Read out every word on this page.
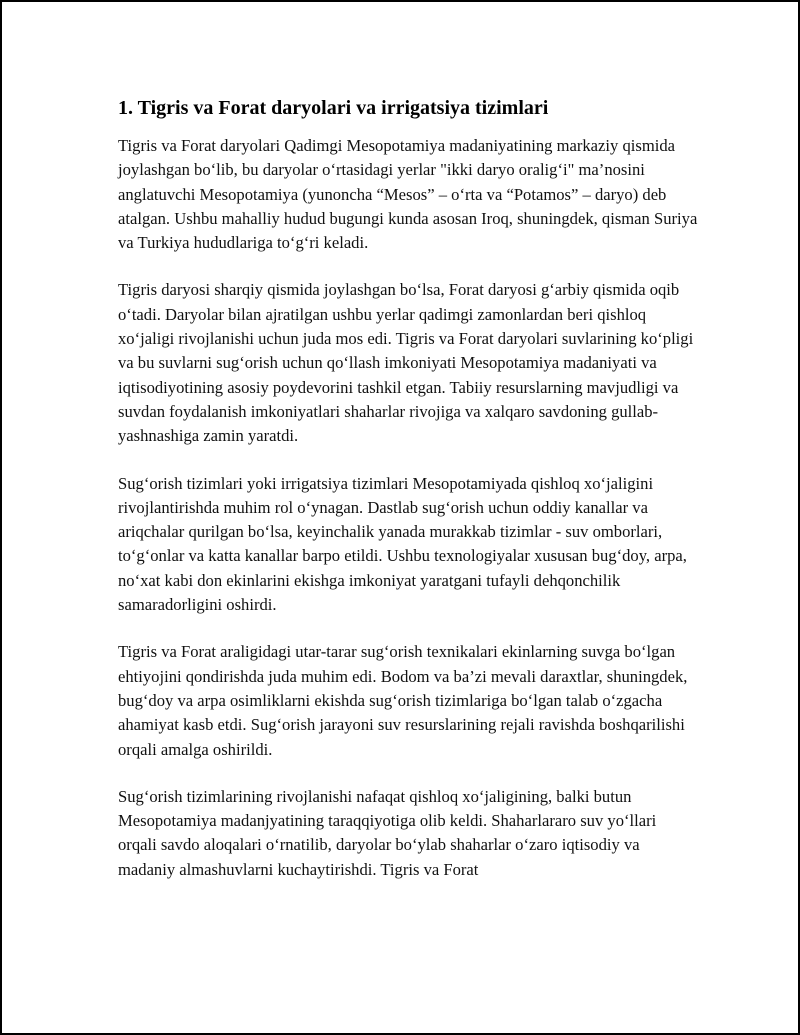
1. Tigris va Forat daryolari va irrigatsiya tizimlari

Tigris va Forat daryolari Qadimgi Mesopotamiya madaniyatining markaziy qismida joylashgan bo‘lib, bu daryolar o‘rtasidagi yerlar "ikki daryo oralig‘i" ma’nosini anglatuvchi Mesopotamiya (yunoncha “Mesos” – o‘rta va “Potamos” – daryo) deb atalgan. Ushbu mahalliy hudud bugungi kunda asosan Iroq, shuningdek, qisman Suriya va Turkiya hududlariga to‘g‘ri keladi.

Tigris daryosi sharqiy qismida joylashgan bo‘lsa, Forat daryosi g‘arbiy qismida oqib o‘tadi. Daryolar bilan ajratilgan ushbu yerlar qadimgi zamonlardan beri qishloq xo‘jaligi rivojlanishi uchun juda mos edi. Tigris va Forat daryolari suvlarining ko‘pligi va bu suvlarni sug‘orish uchun qo‘llash imkoniyati Mesopotamiya madaniyati va iqtisodiyotining asosiy poydevorini tashkil etgan. Tabiiy resurslarning mavjudligi va suvdan foydalanish imkoniyatlari shaharlar rivojiga va xalqaro savdoning gullab-yashnashiga zamin yaratdi.

Sug‘orish tizimlari yoki irrigatsiya tizimlari Mesopotamiyada qishloq xo‘jaligini rivojlantirishda muhim rol o‘ynagan. Dastlab sug‘orish uchun oddiy kanallar va ariqchalar qurilgan bo‘lsa, keyinchalik yanada murakkab tizimlar - suv omborlari, to‘g‘onlar va katta kanallar barpo etildi. Ushbu texnologiyalar xususan bug‘doy, arpa, no‘xat kabi don ekinlarini ekishga imkoniyat yaratgani tufayli dehqonchilik samaradorligini oshirdi.

Tigris va Forat araligidagi utar-tarar sug‘orish texnikalari ekinlarning suvga bo‘lgan ehtiyojini qondirishda juda muhim edi. Bodom va ba’zi mevali daraxtlar, shuningdek, bug‘doy va arpa osimliklarni ekishda sug‘orish tizimlariga bo‘lgan talab o‘zgacha ahamiyat kasb etdi. Sug‘orish jarayoni suv resurslarining rejali ravishda boshqarilishi orqali amalga oshirildi.

Sug‘orish tizimlarining rivojlanishi nafaqat qishloq xo‘jaligining, balki butun Mesopotamiya madanjyatining taraqqiyotiga olib keldi. Shaharlararo suv yo‘llari orqali savdo aloqalari o‘rnatilib, daryolar bo‘ylab shaharlar o‘zaro iqtisodiy va madaniy almashuvlarni kuchaytirishdi. Tigris va Forat
